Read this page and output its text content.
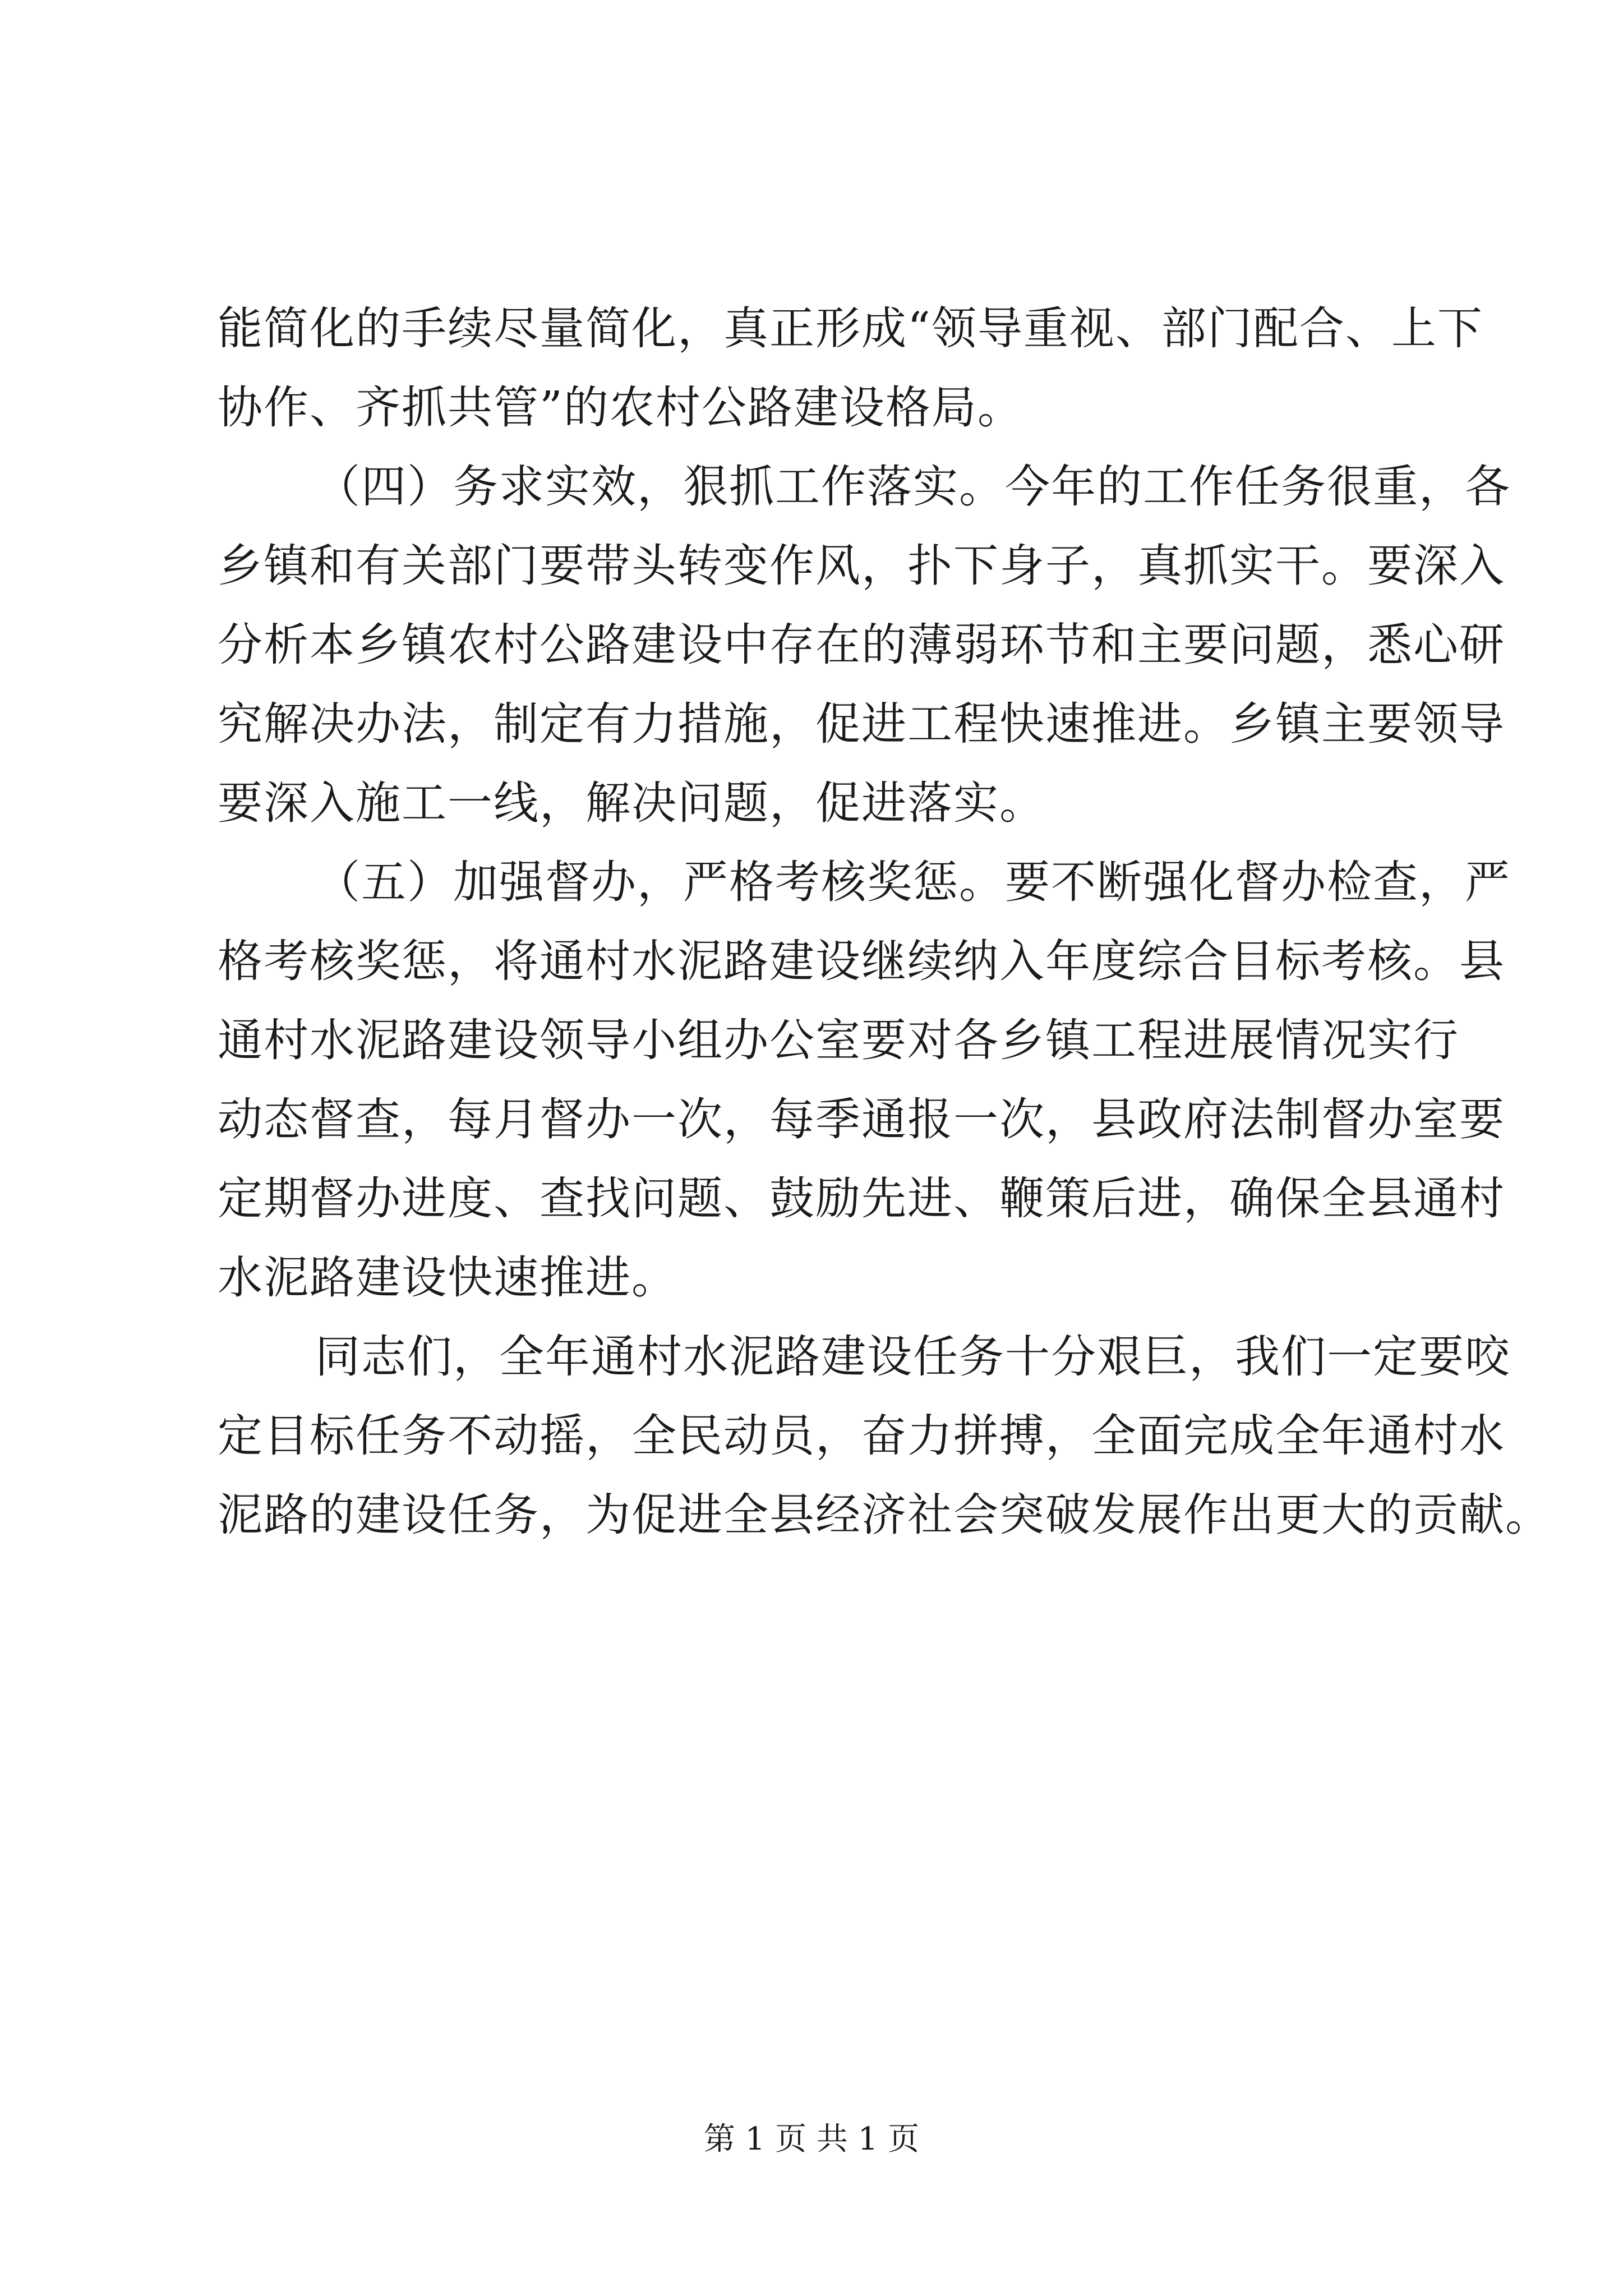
能简化的手续尽量简化，真正形成“领导重视、部门配合、上下
协作、齐抓共管”的农村公路建设格局。
（四）务求实效，狠抓工作落实。今年的工作任务很重，各
乡镇和有关部门要带头转变作风，扑下身子，真抓实干。要深入
分析本乡镇农村公路建设中存在的薄弱环节和主要问题，悉心研
究解决办法，制定有力措施，促进工程快速推进。乡镇主要领导
要深入施工一线，解决问题，促进落实。
（五）加强督办，严格考核奖惩。要不断强化督办检查，严
格考核奖惩，将通村水泥路建设继续纳入年度综合目标考核。县
通村水泥路建设领导小组办公室要对各乡镇工程进展情况实行
动态督查，每月督办一次，每季通报一次，县政府法制督办室要
定期督办进度、查找问题、鼓励先进、鞭策后进，确保全县通村
水泥路建设快速推进。
同志们，全年通村水泥路建设任务十分艰巨，我们一定要咬
定目标任务不动摇，全民动员，奋力拼搏，全面完成全年通村水
泥路的建设任务，为促进全县经济社会突破发展作出更大的贡献。
第 1 页 共 1 页
